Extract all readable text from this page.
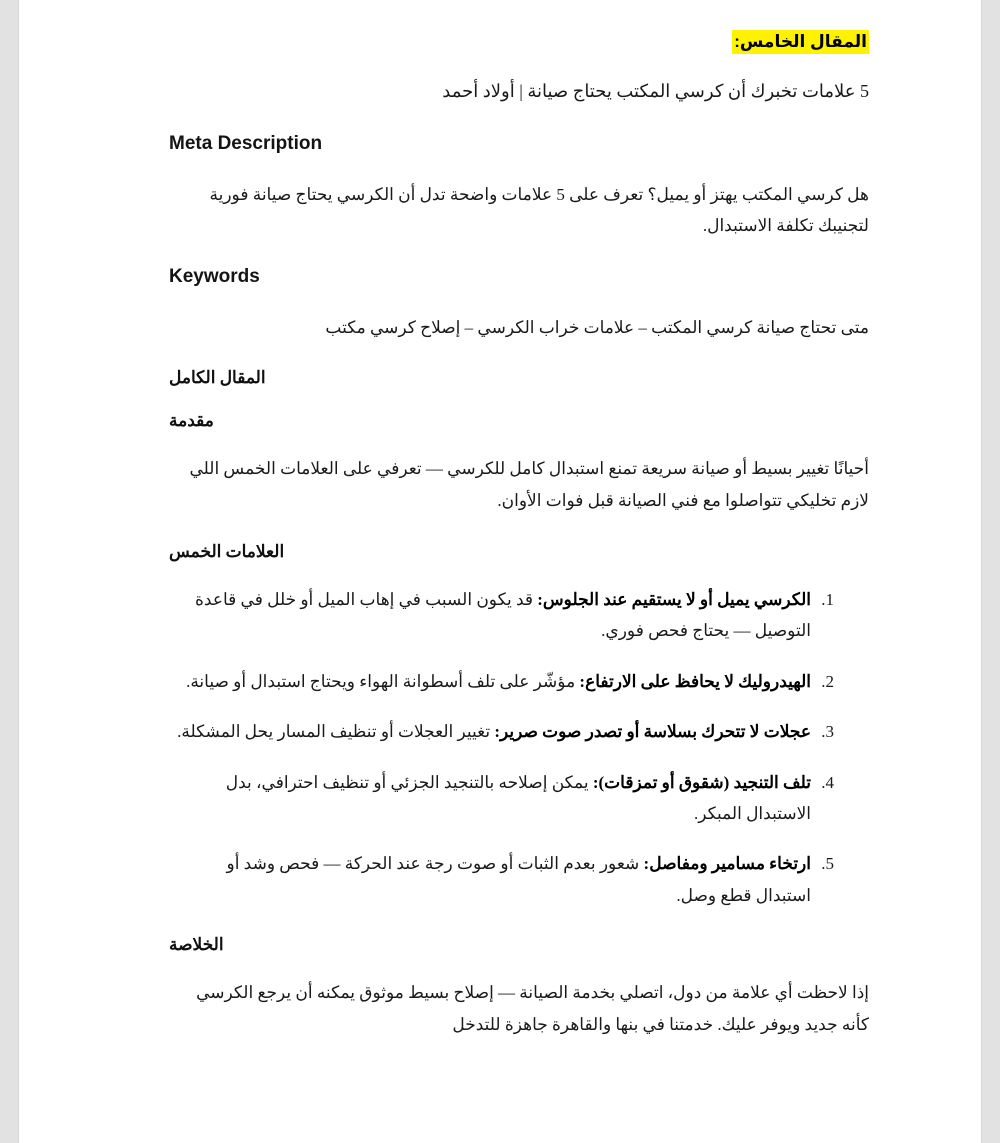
المقال الخامس:

5 علامات تخبرك أن كرسي المكتب يحتاج صيانة | أولاد أحمد

Meta Description

هل كرسي المكتب يهتز أو يميل؟ تعرف على 5 علامات واضحة تدل أن الكرسي يحتاج صيانة فورية لتجنيبك تكلفة الاستبدال.

Keywords

متى تحتاج صيانة كرسي المكتب – علامات خراب الكرسي – إصلاح كرسي مكتب

المقال الكامل
مقدمة

أحيانًا تغيير بسيط أو صيانة سريعة تمنع استبدال كامل للكرسي — تعرفي على العلامات الخمس اللي لازم تخليكي تتواصلوا مع فني الصيانة قبل فوات الأوان.

العلامات الخمس
1. الكرسي يميل أو لا يستقيم عند الجلوس: قد يكون السبب في إهاب الميل أو خلل في قاعدة التوصيل — يحتاج فحص فوري.
2. الهيدروليك لا يحافظ على الارتفاع: مؤشّر على تلف أسطوانة الهواء ويحتاج استبدال أو صيانة.
3. عجلات لا تتحرك بسلاسة أو تصدر صوت صرير: تغيير العجلات أو تنظيف المسار يحل المشكلة.
4. تلف التنجيد (شقوق أو تمزقات): يمكن إصلاحه بالتنجيد الجزئي أو تنظيف احترافي، بدل الاستبدال المبكر.
5. ارتخاء مسامير ومفاصل: شعور بعدم الثبات أو صوت رجة عند الحركة — فحص وشد أو استبدال قطع وصل.
الخلاصة

إذا لاحظت أي علامة من دول، اتصلي بخدمة الصيانة — إصلاح بسيط موثوق يمكنه أن يرجع الكرسي كأنه جديد ويوفر عليك. خدمتنا في بنها والقاهرة جاهزة للتدخل
